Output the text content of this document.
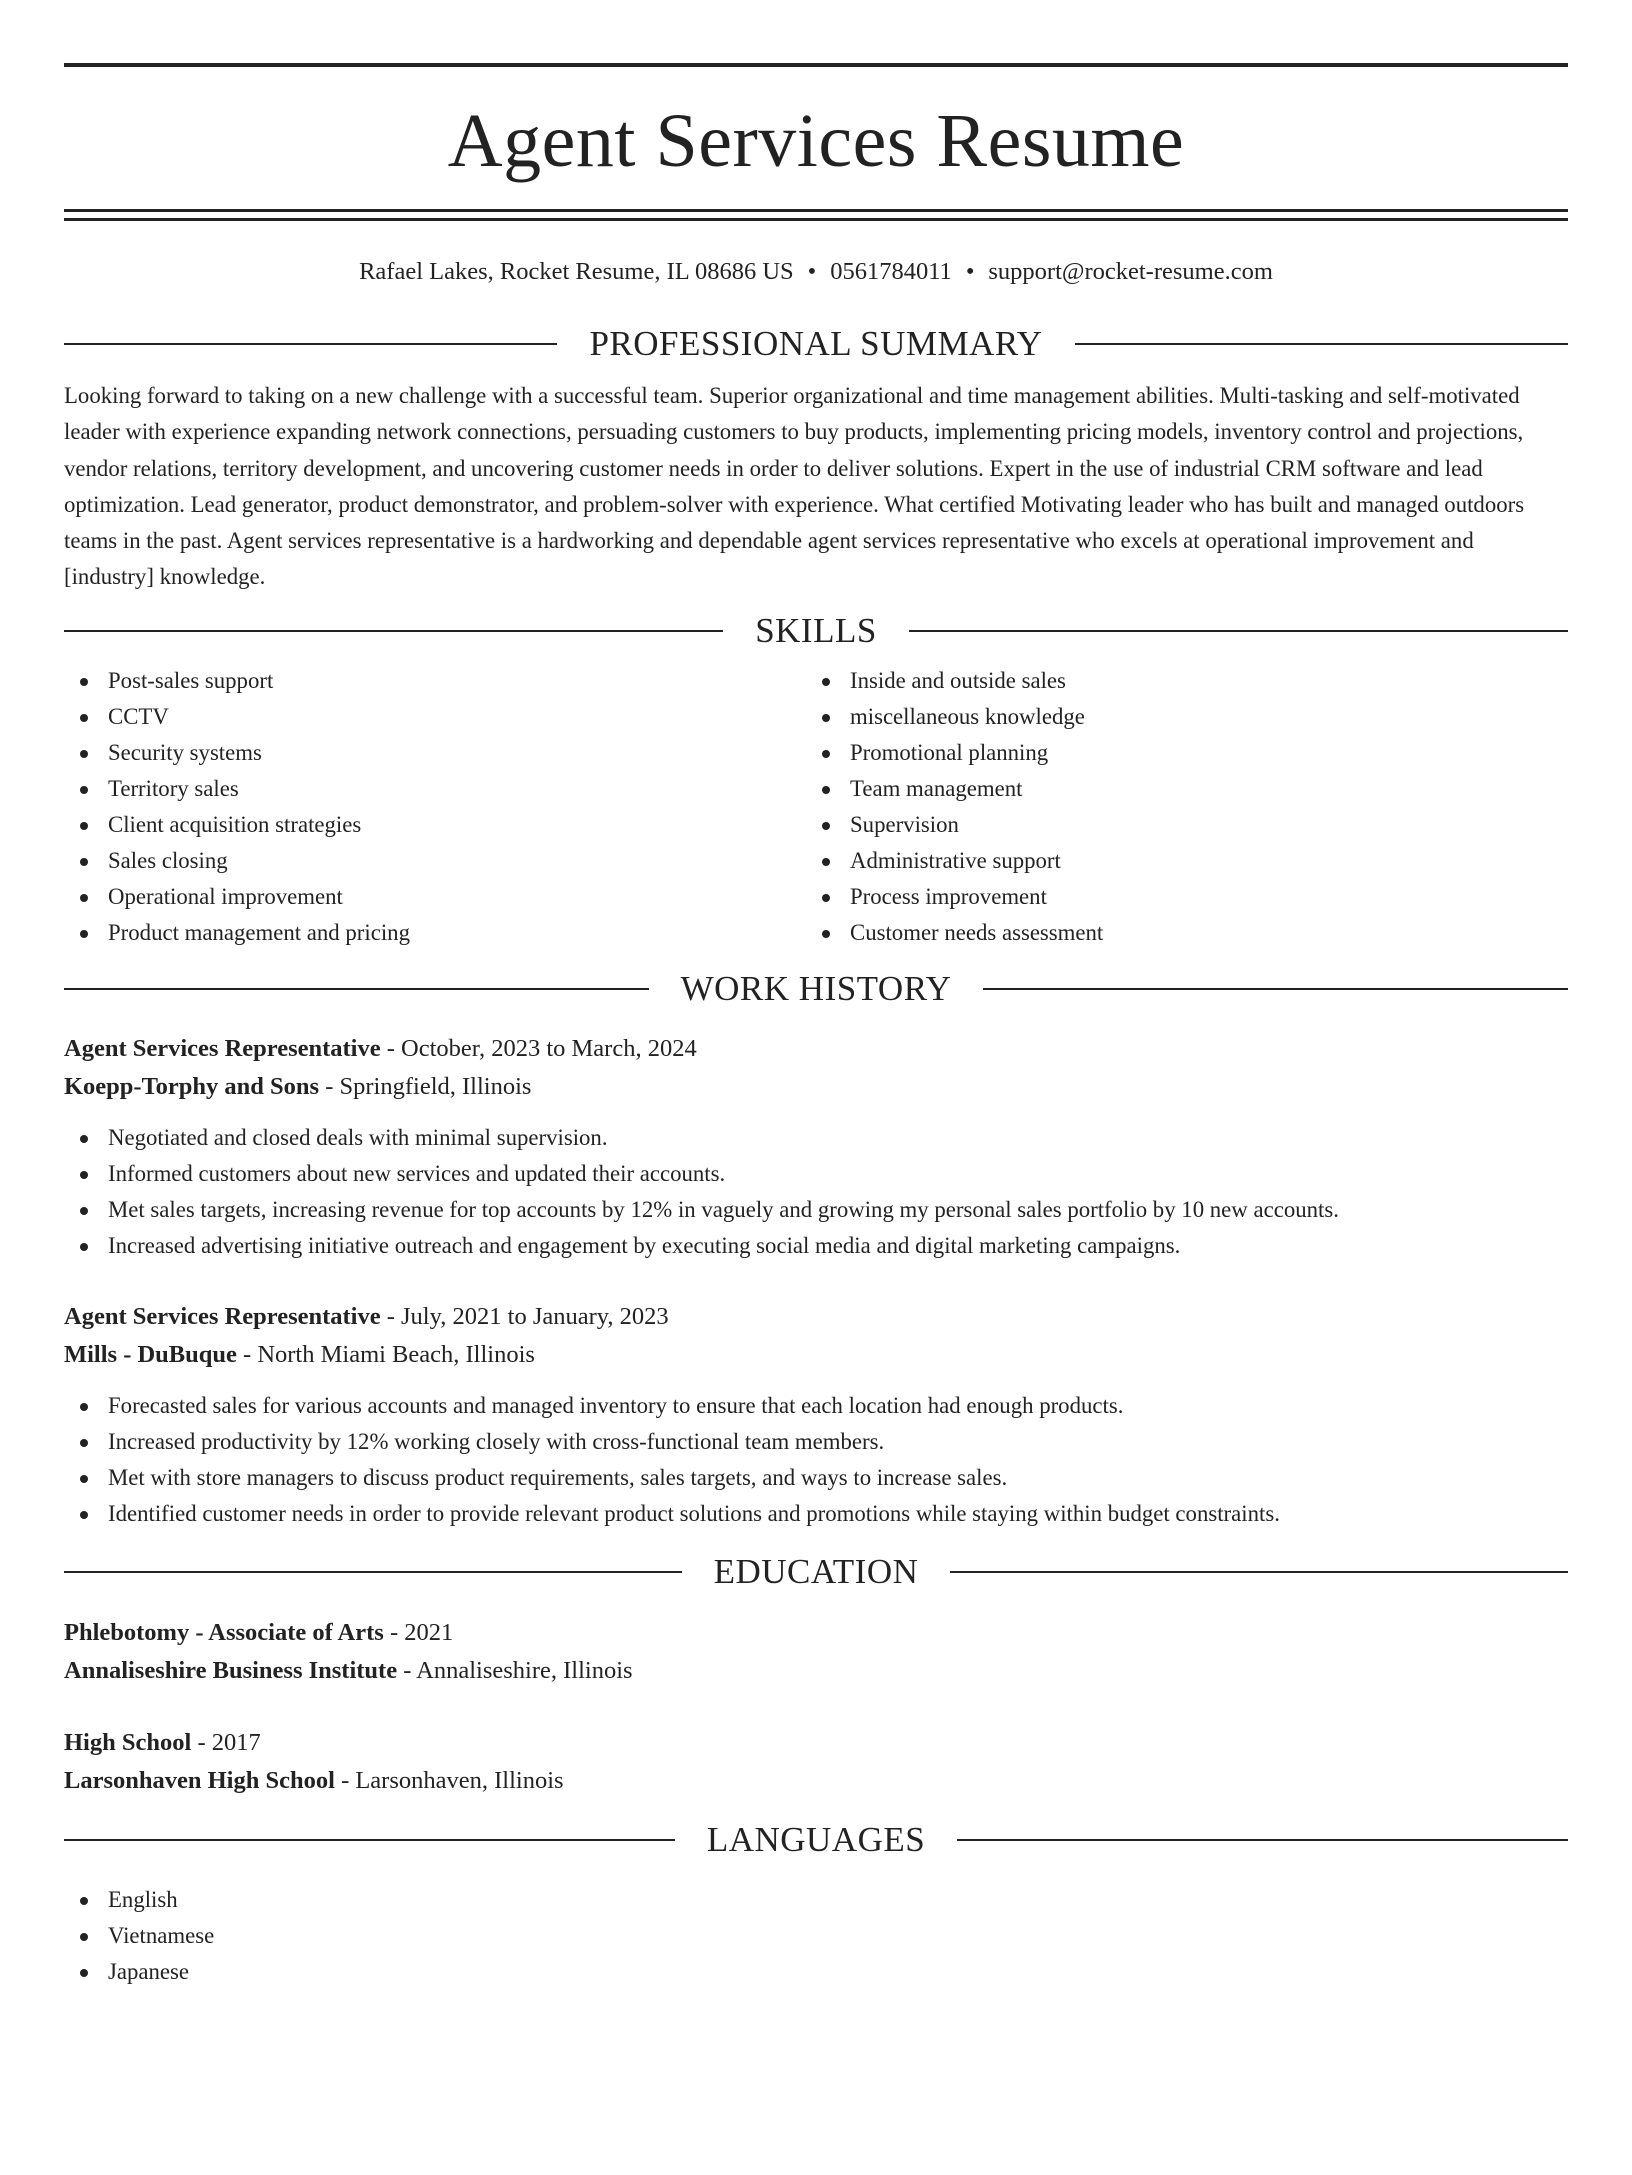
Agent Services Resume
Rafael Lakes, Rocket Resume, IL 08686 US • 0561784011 • support@rocket-resume.com
PROFESSIONAL SUMMARY

Looking forward to taking on a new challenge with a successful team. Superior organizational and time management abilities. Multi-tasking and self-motivated leader with experience expanding network connections, persuading customers to buy products, implementing pricing models, inventory control and projections, vendor relations, territory development, and uncovering customer needs in order to deliver solutions. Expert in the use of industrial CRM software and lead optimization. Lead generator, product demonstrator, and problem-solver with experience. What certified Motivating leader who has built and managed outdoors teams in the past. Agent services representative is a hardworking and dependable agent services representative who excels at operational improvement and [industry] knowledge.

SKILLS
Post-sales support
CCTV
Security systems
Territory sales
Client acquisition strategies
Sales closing
Operational improvement
Product management and pricing
Inside and outside sales
miscellaneous knowledge
Promotional planning
Team management
Supervision
Administrative support
Process improvement
Customer needs assessment
WORK HISTORY
Agent Services Representative - October, 2023 to March, 2024
Koepp-Torphy and Sons - Springfield, Illinois
Negotiated and closed deals with minimal supervision.
Informed customers about new services and updated their accounts.
Met sales targets, increasing revenue for top accounts by 12% in vaguely and growing my personal sales portfolio by 10 new accounts.
Increased advertising initiative outreach and engagement by executing social media and digital marketing campaigns.
Agent Services Representative - July, 2021 to January, 2023
Mills - DuBuque - North Miami Beach, Illinois
Forecasted sales for various accounts and managed inventory to ensure that each location had enough products.
Increased productivity by 12% working closely with cross-functional team members.
Met with store managers to discuss product requirements, sales targets, and ways to increase sales.
Identified customer needs in order to provide relevant product solutions and promotions while staying within budget constraints.
EDUCATION
Phlebotomy - Associate of Arts - 2021
Annaliseshire Business Institute - Annaliseshire, Illinois
High School - 2017
Larsonhaven High School - Larsonhaven, Illinois
LANGUAGES
English
Vietnamese
Japanese
